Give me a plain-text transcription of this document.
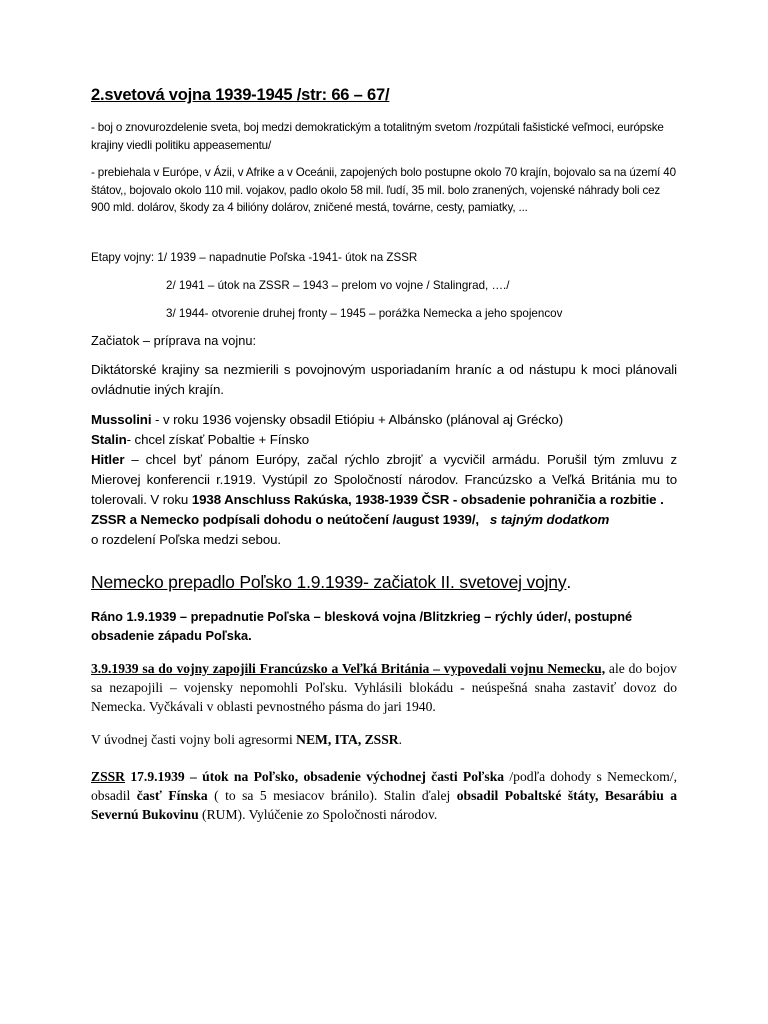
2.svetová vojna 1939-1945 /str: 66 – 67/

- boj o znovurozdelenie sveta, boj medzi demokratickým a totalitným svetom /rozpútali fašistické veľmoci, európske krajiny viedli politiku appeasementu/

- prebiehala v Európe, v Ázii, v Afrike a v Oceánii, zapojených bolo postupne okolo 70 krajín, bojovalo sa na území 40 štátov,, bojovalo okolo 110 mil. vojakov, padlo okolo 58 mil. ľudí, 35 mil. bolo zranených, vojenské náhrady boli cez 900 mld. dolárov, škody za 4 bilióny dolárov, zničené mestá, továrne, cesty, pamiatky, ...

Etapy vojny: 1/ 1939 – napadnutie Poľska -1941- útok na ZSSR
2/ 1941 – útok na ZSSR – 1943 – prelom vo vojne / Stalingrad, …./
3/ 1944- otvorenie druhej fronty – 1945 – porážka Nemecka a jeho spojencov

Začiatok – príprava na vojnu:

Diktátorské krajiny sa nezmierili s povojnovým usporiadaním hraníc a od nástupu k moci plánovali ovládnutie iných krajín.

Mussolini - v roku 1936 vojensky obsadil Etiópiu + Albánsko (plánoval aj Grécko)
Stalin- chcel získať Pobaltie + Fínsko
Hitler – chcel byť pánom Európy, začal rýchlo zbrojiť a vycvičil armádu. Porušil tým zmluvu z Mierovej konferencii r.1919. Vystúpil zo Spoločností národov. Francúzsko a Veľká Británia mu to tolerovali. V roku 1938 Anschluss Rakúska, 1938-1939 ČSR - obsadenie pohraničia a rozbitie .
ZSSR a Nemecko podpísali dohodu o neútočení /august 1939/, s tajným dodatkom
o rozdelení Poľska medzi sebou.

Nemecko prepadlo Poľsko 1.9.1939- začiatok II. svetovej vojny.

Ráno 1.9.1939 – prepadnutie Poľska – blesková vojna /Blitzkrieg – rýchly úder/, postupné obsadenie západu Poľska.

3.9.1939 sa do vojny zapojili Francúzsko a Veľká Británia – vypovedali vojnu Nemecku, ale do bojov sa nezapojili – vojensky nepomohli Poľsku. Vyhlásili blokádu - neúspešná snaha zastaviť dovoz do Nemecka. Vyčkávali v oblasti pevnostného pásma do jari 1940.

V úvodnej časti vojny boli agresormi NEM, ITA, ZSSR.

ZSSR 17.9.1939 – útok na Poľsko, obsadenie východnej časti Poľska /podľa dohody s Nemeckom/, obsadil časť Fínska ( to sa 5 mesiacov bránilo). Stalin ďalej obsadil Pobaltské štáty, Besarábiu a Severnú Bukovinu (RUM). Vylúčenie zo Spoločnosti národov.
